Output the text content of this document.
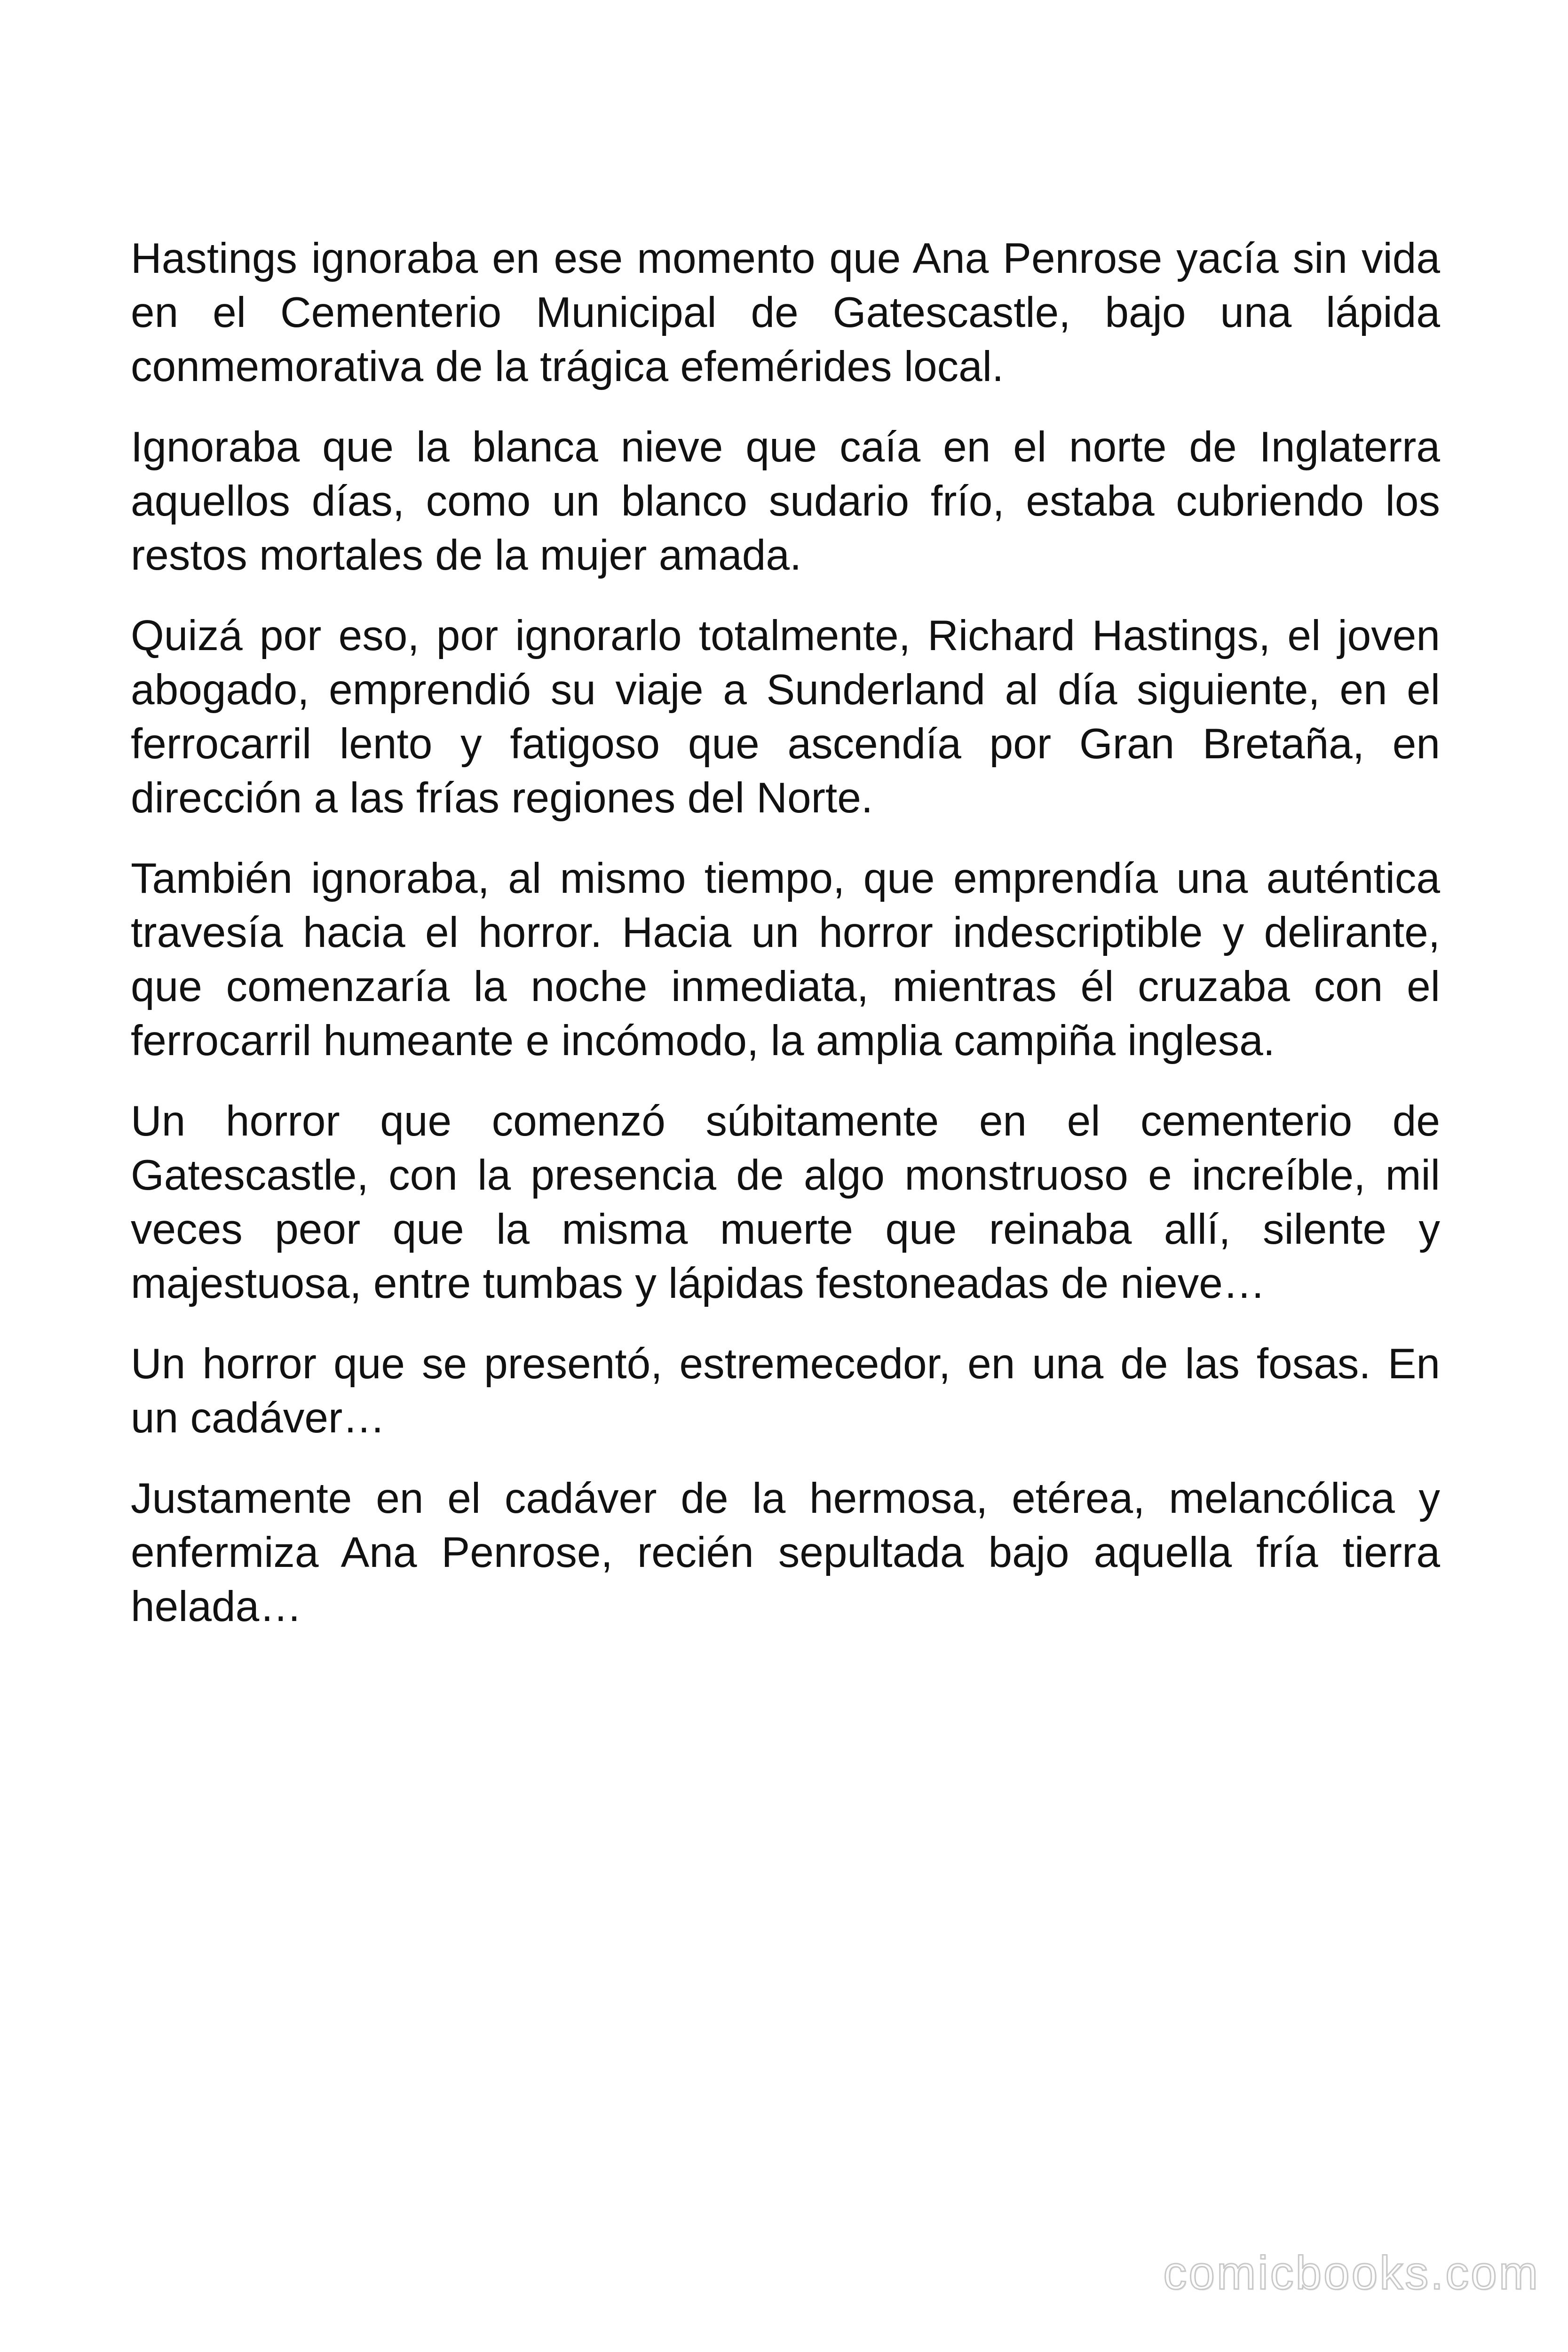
Hastings ignoraba en ese momento que Ana Penrose yacía sin vida en el Cementerio Municipal de Gatescastle, bajo una lápida conmemorativa de la trágica efemérides local.

Ignoraba que la blanca nieve que caía en el norte de Inglaterra aquellos días, como un blanco sudario frío, estaba cubriendo los restos mortales de la mujer amada.

Quizá por eso, por ignorarlo totalmente, Richard Hastings, el joven abogado, emprendió su viaje a Sunderland al día siguiente, en el ferrocarril lento y fatigoso que ascendía por Gran Bretaña, en dirección a las frías regiones del Norte.

También ignoraba, al mismo tiempo, que emprendía una auténtica travesía hacia el horror. Hacia un horror indescriptible y delirante, que comenzaría la noche inmediata, mientras él cruzaba con el ferrocarril humeante e incómodo, la amplia campiña inglesa.

Un horror que comenzó súbitamente en el cementerio de Gatescastle, con la presencia de algo monstruoso e increíble, mil veces peor que la misma muerte que reinaba allí, silente y majestuosa, entre tumbas y lápidas festoneadas de nieve…

Un horror que se presentó, estremecedor, en una de las fosas. En un cadáver…

Justamente en el cadáver de la hermosa, etérea, melancólica y enfermiza Ana Penrose, recién sepultada bajo aquella fría tierra helada…

comicbooks.com
